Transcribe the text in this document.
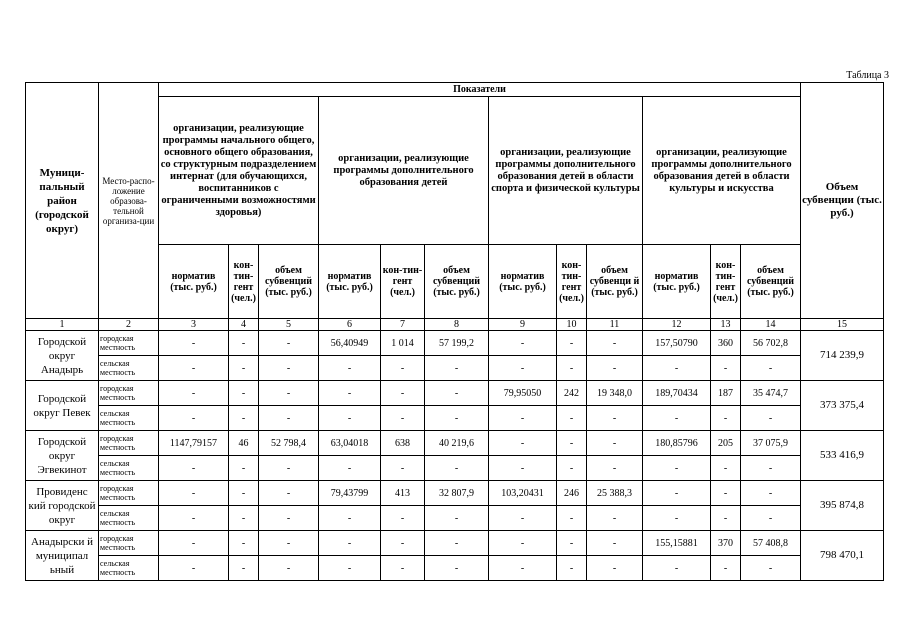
Таблица 3
Муници-пальный район (городской округ)	Место-распо-ложение образова-тельной организа-ции	Показатели												Объем субвенции (тыс. руб.)
		организации, реализующие программы начального общего, основного общего образования, со структурным подразделением интернат (для обучающихся, воспитанников с ограниченными возможностями здоровья)			организации, реализующие программы дополнительного образования детей			организации, реализующие программы дополнительного образования детей в области спорта и физической культуры			организации, реализующие программы дополнительного образования детей в области культуры и искусства			
		норматив (тыс. руб.)	кон-тин-гент (чел.)	объем субвенций (тыс. руб.)	норматив (тыс. руб.)	кон-тин-гент (чел.)	объем субвенций (тыс. руб.)	норматив (тыс. руб.)	кон-тин-гент (чел.)	объем субвенци й (тыс. руб.)	норматив (тыс. руб.)	кон-тин-гент (чел.)	объем субвенций (тыс. руб.)	
1	2	3	4	5	6	7	8	9	10	11	12	13	14	15
Городской округ Анадырь	городская местность	-	-	-	56,40949	1 014	57 199,2	-	-	-	157,50790	360	56 702,8	714 239,9
	сельская местность	-	-	-	-	-	-	-	-	-	-	-	-	
Городской округ Певек	городская местность	-	-	-	-	-	-	79,95050	242	19 348,0	189,70434	187	35 474,7	373 375,4
	сельская местность	-	-	-	-	-	-	-	-	-	-	-	-	
Городской округ Эгвекинот	городская местность	1147,79157	46	52 798,4	63,04018	638	40 219,6	-	-	-	180,85796	205	37 075,9	533 416,9
	сельская местность	-	-	-	-	-	-	-	-	-	-	-	-	
Провиденс кий городской округ	городская местность	-	-	-	79,43799	413	32 807,9	103,20431	246	25 388,3	-	-	-	395 874,8
	сельская местность	-	-	-	-	-	-	-	-	-	-	-	-	
Анадырски й муниципал ьный	городская местность	-	-	-	-	-	-	-	-	-	155,15881	370	57 408,8	798 470,1
	сельская местность	-	-	-	-	-	-	-	-	-	-	-	-	
